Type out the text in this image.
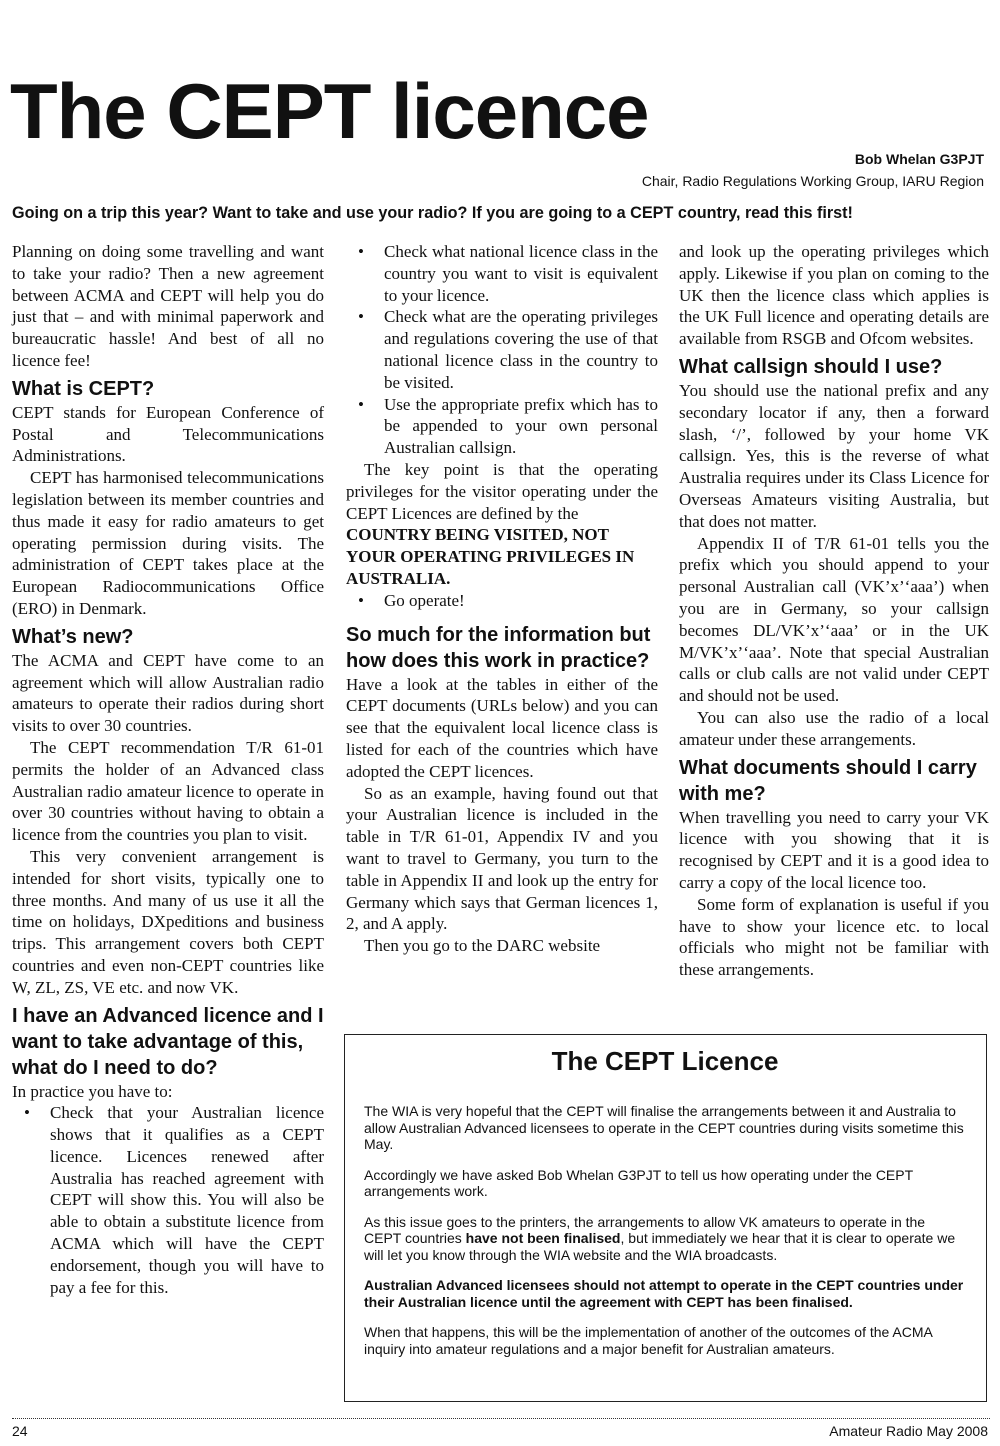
The CEPT licence
Bob Whelan G3PJT
Chair, Radio Regulations Working Group, IARU Region
Going on a trip this year? Want to take and use your radio? If you are going to a CEPT country, read this first!

Planning on doing some travelling and want to take your radio? Then a new agreement between ACMA and CEPT will help you do just that – and with minimal paperwork and bureaucratic hassle! And best of all no licence fee!

What is CEPT?

CEPT stands for European Conference of Postal and Telecommunications Administrations.

CEPT has harmonised telecommunications legislation between its member countries and thus made it easy for radio amateurs to get operating permission during visits. The administration of CEPT takes place at the European Radiocommunications Office (ERO) in Denmark.

What’s new?

The ACMA and CEPT have come to an agreement which will allow Australian radio amateurs to operate their radios during short visits to over 30 countries.

The CEPT recommendation T/R 61-01 permits the holder of an Advanced class Australian radio amateur licence to operate in over 30 countries without having to obtain a licence from the countries you plan to visit.

This very convenient arrangement is intended for short visits, typically one to three months. And many of us use it all the time on holidays, DXpeditions and business trips. This arrangement covers both CEPT countries and even non-CEPT countries like W, ZL, ZS, VE etc. and now VK.

I have an Advanced licence and I want to take advantage of this, what do I need to do?

In practice you have to:

• Check that your Australian licence shows that it qualifies as a CEPT licence. Licences renewed after Australia has reached agreement with CEPT will show this. You will also be able to obtain a substitute licence from ACMA which will have the CEPT endorsement, though you will have to pay a fee for this.
• Check what national licence class in the country you want to visit is equivalent to your licence.
• Check what are the operating privileges and regulations covering the use of that national licence class in the country to be visited.
• Use the appropriate prefix which has to be appended to your own personal Australian callsign.

The key point is that the operating privileges for the visitor operating under the CEPT Licences are defined by the

COUNTRY BEING VISITED, NOT YOUR OPERATING PRIVILEGES IN AUSTRALIA.

• Go operate!
So much for the information but how does this work in practice?

Have a look at the tables in either of the CEPT documents (URLs below) and you can see that the equivalent local licence class is listed for each of the countries which have adopted the CEPT licences.

So as an example, having found out that your Australian licence is included in the table in T/R 61-01, Appendix IV and you want to travel to Germany, you turn to the table in Appendix II and look up the entry for Germany which says that German licences 1, 2, and A apply.

Then you go to the DARC website

and look up the operating privileges which apply. Likewise if you plan on coming to the UK then the licence class which applies is the UK Full licence and operating details are available from RSGB and Ofcom websites.

What callsign should I use?

You should use the national prefix and any secondary locator if any, then a forward slash, ‘/’, followed by your home VK callsign. Yes, this is the reverse of what Australia requires under its Class Licence for Overseas Amateurs visiting Australia, but that does not matter.

Appendix II of T/R 61-01 tells you the prefix which you should append to your personal Australian call (VK’x’‘aaa’) when you are in Germany, so your callsign becomes DL/VK’x’‘aaa’ or in the UK M/VK’x’‘aaa’. Note that special Australian calls or club calls are not valid under CEPT and should not be used.

You can also use the radio of a local amateur under these arrangements.

What documents should I carry with me?

When travelling you need to carry your VK licence with you showing that it is recognised by CEPT and it is a good idea to carry a copy of the local licence too.

Some form of explanation is useful if you have to show your licence etc. to local officials who might not be familiar with these arrangements.

The CEPT Licence

The WIA is very hopeful that the CEPT will finalise the arrangements between it and Australia to allow Australian Advanced licensees to operate in the CEPT countries during visits sometime this May.

Accordingly we have asked Bob Whelan G3PJT to tell us how operating under the CEPT arrangements work.

As this issue goes to the printers, the arrangements to allow VK amateurs to operate in the CEPT countries have not been finalised, but immediately we hear that it is clear to operate we will let you know through the WIA website and the WIA broadcasts.

Australian Advanced licensees should not attempt to operate in the CEPT countries under their Australian licence until the agreement with CEPT has been finalised.

When that happens, this will be the implementation of another of the outcomes of the ACMA inquiry into amateur regulations and a major benefit for Australian amateurs.

24	Amateur Radio May 2008
